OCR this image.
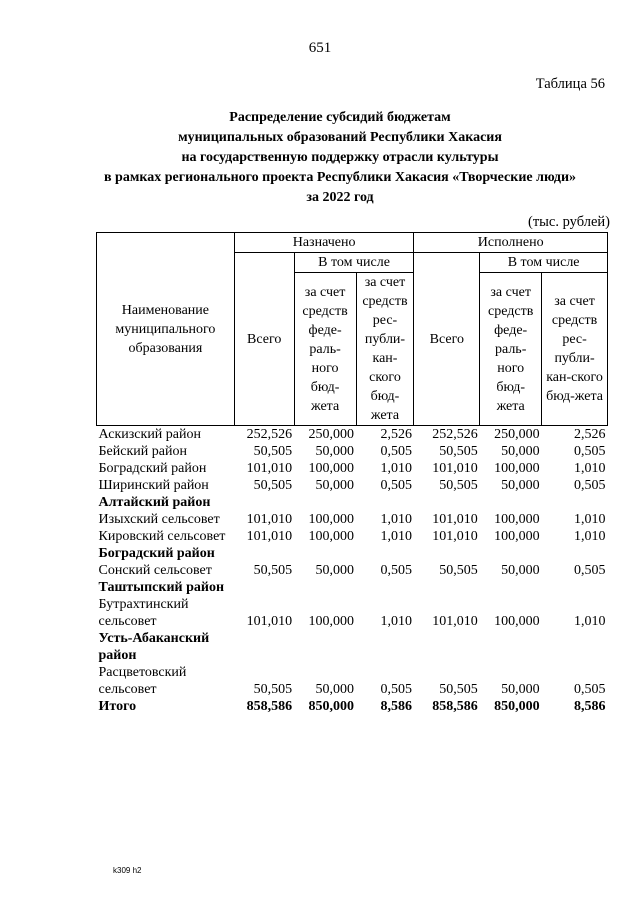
651
Таблица 56
Распределение субсидий бюджетам
муниципальных образований Республики Хакасия
на государственную поддержку отрасли культуры
в рамках регионального проекта Республики Хакасия «Творческие люди»
за 2022 год
(тыс. рублей)
Наименование муниципального образования	Назначено			Исполнено		
	Всего	В том числе		Всего	В том числе	
		за счет средств феде-раль-ного бюд-жета	за счет средств рес-публи-кан-ского бюд-жета		за счет средств феде-раль-ного бюд-жета	за счет средств рес-публи-кан-ского бюд-жета
Аскизский район	252,526	250,000	2,526	252,526	250,000	2,526
Бейский район	50,505	50,000	0,505	50,505	50,000	0,505
Боградский район	101,010	100,000	1,010	101,010	100,000	1,010
Ширинский район	50,505	50,000	0,505	50,505	50,000	0,505
Алтайский район						
Изыхский сельсовет	101,010	100,000	1,010	101,010	100,000	1,010
Кировский сельсовет	101,010	100,000	1,010	101,010	100,000	1,010
Боградский район						
Сонский сельсовет	50,505	50,000	0,505	50,505	50,000	0,505
Таштыпский район						
Бутрахтинский сельсовет	101,010	100,000	1,010	101,010	100,000	1,010
Усть-Абаканский район						
Расцветовский сельсовет	50,505	50,000	0,505	50,505	50,000	0,505
Итого	858,586	850,000	8,586	858,586	850,000	8,586
k309 h2
